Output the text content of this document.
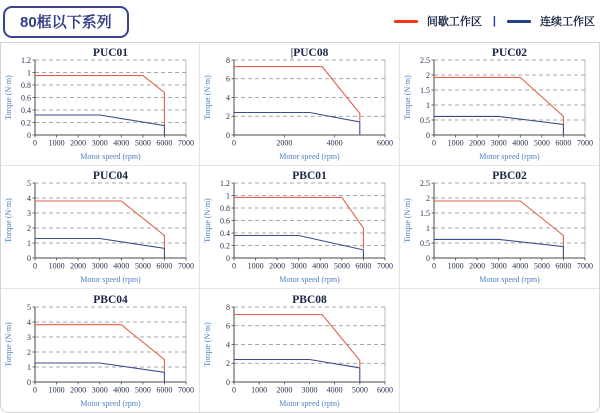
80框以下系列	间歇工作区 |	连续工作区
0 1000 2000 3000 4000 5000 6000 7000
0
0.2
0.4
0.6
0.8
1
1.2
Motor speed (rpm)
Torque (N·m)
PUC01
0	2000	4000	6000
0
2
4
6
8
Motor speed (rpm)
Torque (N·m)
|PUC08
0 1000 2000 3000 4000 5000 6000 7000
0
0.5
1
1.5
2
2.5
Motor speed (rpm)
Torque (N·m)
PUC02
0 1000 2000 3000 4000 5000 6000 7000
0
1
2
3
4
5
Motor speed (rpm)
Torque (N·m)
PUC04
0 1000 2000 3000 4000 5000 6000 7000
0
0.2
0.4
0.6
0.8
1
1.2
Motor speed (rpm)
Torque (N·m)
PBC01
0 1000 2000 3000 4000 5000 6000 7000
0
0.5
1
1.5
2
2.5
Motor speed (rpm)
Torque (N·m)
PBC02
0 1000 2000 3000 4000 5000 6000 7000
0
1
2
3
4
5
Motor speed (rpm)
Torque (N·m)
PBC04
0 1000 2000 3000 4000 5000 6000
0
2
4
6
8
Motor speed (rpm)
Torque (N·m)
PBC08
